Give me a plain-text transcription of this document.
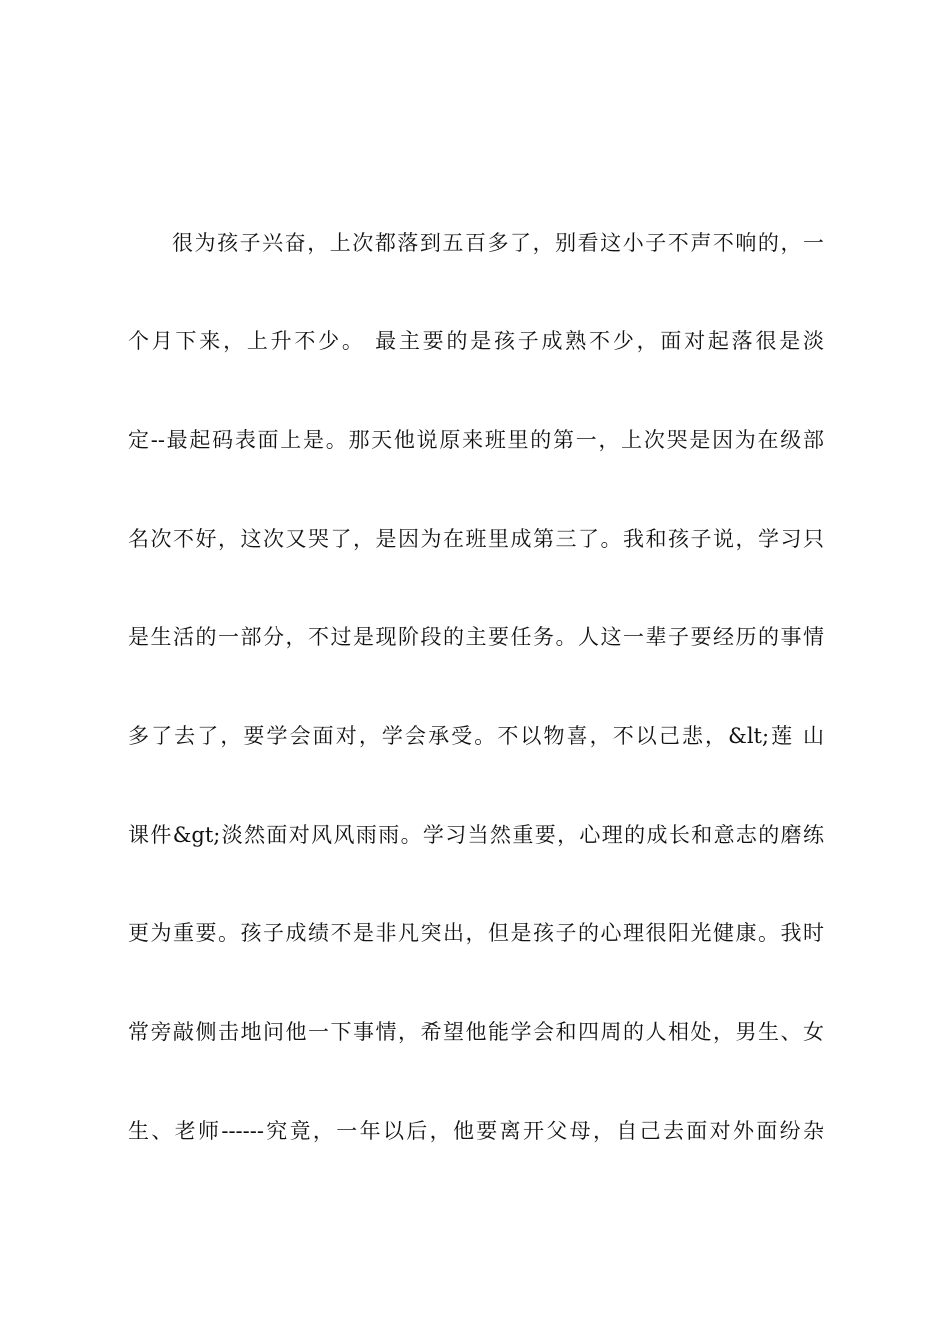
很为孩子兴奋，上次都落到五百多了，别看这小子不声不响的，一
个月下来，上升不少。 最主要的是孩子成熟不少，面对起落很是淡
定--最起码表面上是。那天他说原来班里的第一，上次哭是因为在级部
名次不好，这次又哭了，是因为在班里成第三了。我和孩子说，学习只
是生活的一部分，不过是现阶段的主要任务。人这一辈子要经历的事情
多了去了，要学会面对，学会承受。不以物喜，不以己悲，&lt;莲 山
课件&gt;淡然面对风风雨雨。学习当然重要，心理的成长和意志的磨练
更为重要。孩子成绩不是非凡突出，但是孩子的心理很阳光健康。我时
常旁敲侧击地问他一下事情，希望他能学会和四周的人相处，男生、女
生、老师------究竟，一年以后，他要离开父母，自己去面对外面纷杂
